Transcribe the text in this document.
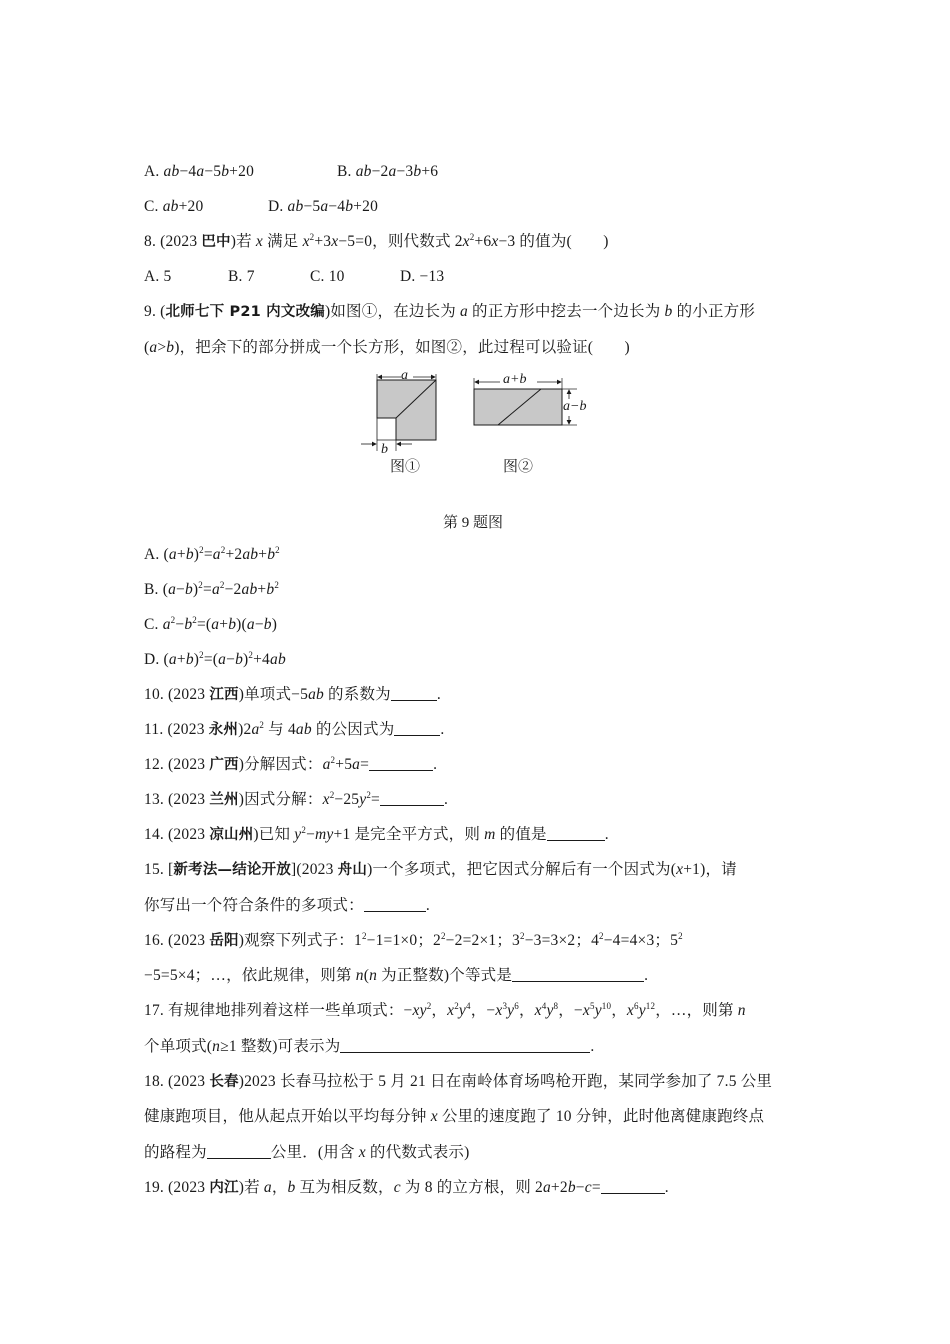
A. ab−4a−5b+20	B. ab−2a−3b+6
C. ab+20	D. ab−5a−4b+20
8. (2023 巴中)若 x 满足 $x^2+3x-5=0$，则代数式 $2x^2+6x-3$ 的值为(　　)
A. 5	B. 7	C. 10	D. −13
9. (北师七下 P21 内文改编)如图①，在边长为 a 的正方形中挖去一个边长为 b 的小正方形
(a>b)，把余下的部分拼成一个长方形，如图②，此过程可以验证(　　)
a
b
a+b
a−b
图①	图②
第 9 题图
A. $(a+b)^2=a^2+2ab+b^2$
B. $(a-b)^2=a^2-2ab+b^2$
C. $a^2-b^2=(a+b)(a-b)$
D. $(a+b)^2=(a-b)^2+4ab$
10. (2023 江西)单项式−5ab 的系数为	.
11. (2023 永州)$2a^2$ 与 4ab 的公因式为	.
12. (2023 广西)分解因式：$a^2+5a=$	.
13. (2023 兰州)因式分解：$x^2-25y^2=$	.
14. (2023 凉山州)已知 $y^2-my+1$ 是完全平方式，则 m 的值是	.
15. [新考法—结论开放](2023 舟山)一个多项式，把它因式分解后有一个因式为(x+1)，请
你写出一个符合条件的多项式：	.
16. (2023 岳阳)观察下列式子：$1^2-1=1\times 0$；$2^2-2=2\times 1$；$3^2-3=3\times 2$；$4^2-4=4\times 3$；$5^2$
−5=5×4；…，依此规律，则第 n(n 为正整数)个等式是	.
17. 有规律地排列着这样一些单项式：$-xy^2$，$x^2y^4$，$-x^3y^6$，$x^4y^8$，$-x^5y^{10}$，$x^6y^{12}$，…，则第 n
个单项式(n≥1 整数)可表示为	.
18. (2023 长春)2023 长春马拉松于 5 月 21 日在南岭体育场鸣枪开跑，某同学参加了 7.5 公里
健康跑项目，他从起点开始以平均每分钟 x 公里的速度跑了 10 分钟，此时他离健康跑终点
的路程为	公里．(用含 x 的代数式表示)
19. (2023 内江)若 a，b 互为相反数，c 为 8 的立方根，则 2a+2b−c=	.
